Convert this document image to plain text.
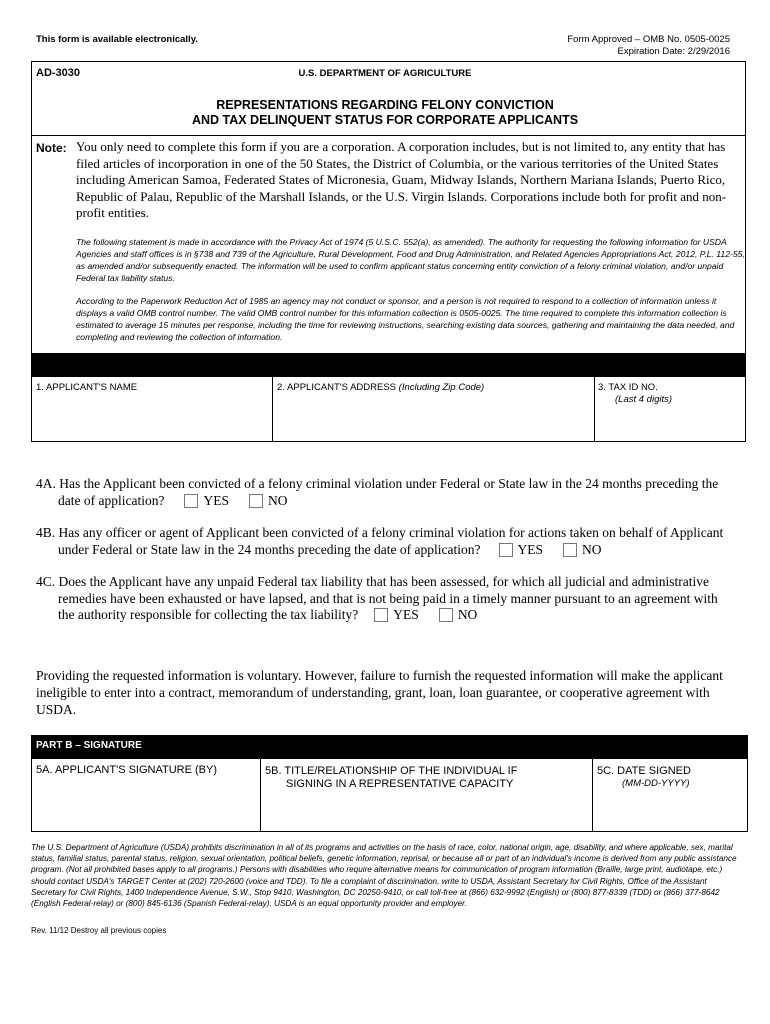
This form is available electronically.	Form Approved – OMB No. 0505-0025
Expiration Date: 2/29/2016
AD-3030	U.S. DEPARTMENT OF AGRICULTURE
REPRESENTATIONS REGARDING FELONY CONVICTION
AND TAX DELINQUENT STATUS FOR CORPORATE APPLICANTS
Note: You only need to complete this form if you are a corporation. A corporation includes, but is not limited to, any entity that has filed articles of incorporation in one of the 50 States, the District of Columbia, or the various territories of the United States including American Samoa, Federated States of Micronesia, Guam, Midway Islands, Northern Mariana Islands, Puerto Rico, Republic of Palau, Republic of the Marshall Islands, or the U.S. Virgin Islands. Corporations include both for profit and non-profit entities.
The following statement is made in accordance with the Privacy Act of 1974 (5 U.S.C. 552(a), as amended). The authority for requesting the following information for USDA Agencies and staff offices is in §738 and 739 of the Agriculture, Rural Development, Food and Drug Administration, and Related Agencies Appropriations Act, 2012, P.L. 112-55, as amended and/or subsequently enacted. The information will be used to confirm applicant status concerning entity conviction of a felony criminal violation, and/or unpaid Federal tax liability status.
According to the Paperwork Reduction Act of 1985 an agency may not conduct or sponsor, and a person is not required to respond to a collection of information unless it displays a valid OMB control number. The valid OMB control number for this information collection is 0505-0025. The time required to complete this information collection is estimated to average 15 minutes per response, including the time for reviewing instructions, searching existing data sources, gathering and maintaining the data needed, and completing and reviewing the collection of information.
1. APPLICANT'S NAME	2. APPLICANT'S ADDRESS (Including Zip Code)	3. TAX ID NO.
(Last 4 digits)
4A. Has the Applicant been convicted of a felony criminal violation under Federal or State law in the 24 months preceding the
date of application?	YES	NO
4B. Has any officer or agent of Applicant been convicted of a felony criminal violation for actions taken on behalf of Applicant
under Federal or State law in the 24 months preceding the date of application?	YES	NO
4C. Does the Applicant have any unpaid Federal tax liability that has been assessed, for which all judicial and administrative
remedies have been exhausted or have lapsed, and that is not being paid in a timely manner pursuant to an agreement with
the authority responsible for collecting the tax liability?	YES	NO
Providing the requested information is voluntary. However, failure to furnish the requested information will make the applicant ineligible to enter into a contract, memorandum of understanding, grant, loan, loan guarantee, or cooperative agreement with USDA.
PART B – SIGNATURE
5A. APPLICANT'S SIGNATURE (BY)	5B. TITLE/RELATIONSHIP OF THE INDIVIDUAL IF
SIGNING IN A REPRESENTATIVE CAPACITY
5C. DATE SIGNED
(MM-DD-YYYY)
The U.S. Department of Agriculture (USDA) prohibits discrimination in all of its programs and activities on the basis of race, color, national origin, age, disability, and where applicable, sex, marital status, familial status, parental status, religion, sexual orientation, political beliefs, genetic information, reprisal, or because all or part of an individual's income is derived from any public assistance program. (Not all prohibited bases apply to all programs.) Persons with disabilities who require alternative means for communication of program information (Braille, large print, audiotape, etc.) should contact USDA's TARGET Center at (202) 720-2600 (voice and TDD). To file a complaint of discrimination, write to USDA, Assistant Secretary for Civil Rights, Office of the Assistant Secretary for Civil Rights, 1400 Independence Avenue, S.W., Stop 9410, Washington, DC 20250-9410, or call toll-free at (866) 632-9992 (English) or (800) 877-8339 (TDD) or (866) 377-8642 (English Federal-relay) or (800) 845-6136 (Spanish Federal-relay). USDA is an equal opportunity provider and employer.
Rev. 11/12 Destroy all previous copies
